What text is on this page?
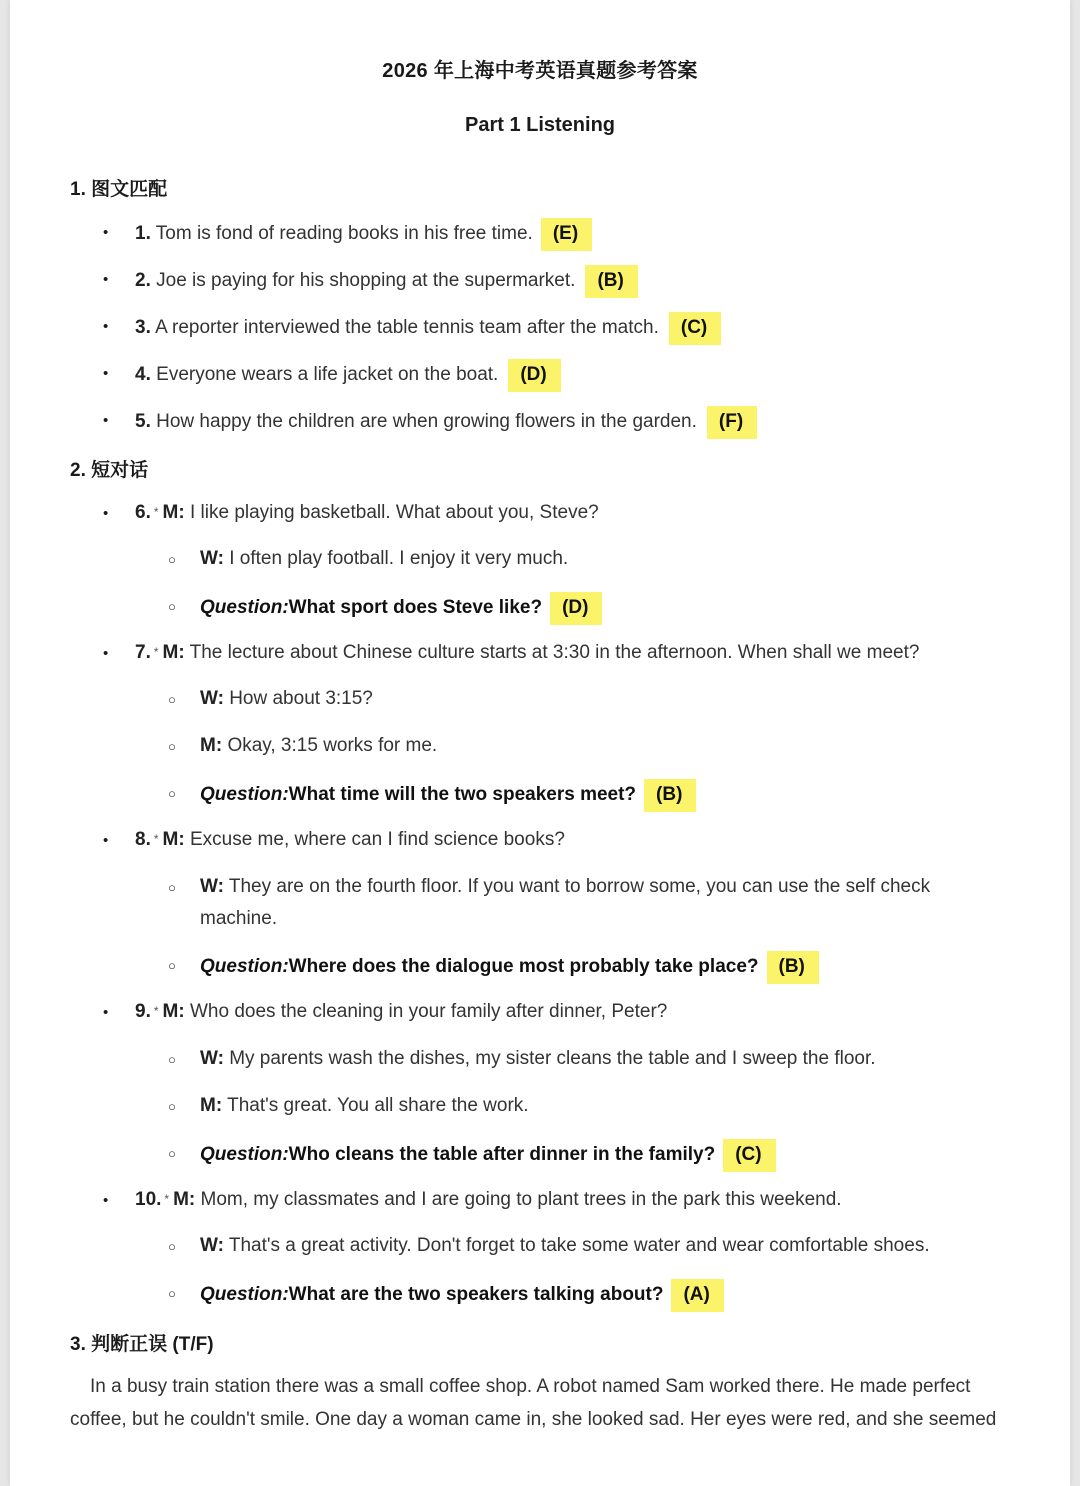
2026 年上海中考英语真题参考答案
Part 1 Listening
1. 图文匹配
• 1. Tom is fond of reading books in his free time. (E)
• 2. Joe is paying for his shopping at the supermarket. (B)
• 3. A reporter interviewed the table tennis team after the match. (C)
• 4. Everyone wears a life jacket on the boat. (D)
• 5. How happy the children are when growing flowers in the garden. (F)
2. 短对话
• 6. * M: I like playing basketball. What about you, Steve?
○ W: I often play football. I enjoy it very much.
○ Question:What sport does Steve like? (D)
• 7. * M: The lecture about Chinese culture starts at 3:30 in the afternoon. When shall we meet?
○ W: How about 3:15?
○ M: Okay, 3:15 works for me.
○ Question:What time will the two speakers meet? (B)
• 8. * M: Excuse me, where can I find science books?
○ W: They are on the fourth floor. If you want to borrow some, you can use the self check
machine.
○ Question:Where does the dialogue most probably take place? (B)
• 9. * M: Who does the cleaning in your family after dinner, Peter?
○ W: My parents wash the dishes, my sister cleans the table and I sweep the floor.
○ M: That's great. You all share the work.
○ Question:Who cleans the table after dinner in the family? (C)
• 10. * M: Mom, my classmates and I are going to plant trees in the park this weekend.
○ W: That's a great activity. Don't forget to take some water and wear comfortable shoes.
○ Question:What are the two speakers talking about? (A)
3. 判断正误 (T/F)
In a busy train station there was a small coffee shop. A robot named Sam worked there. He made perfect coffee, but he couldn't smile. One day a woman came in, she looked sad. Her eyes were red, and she seemed
